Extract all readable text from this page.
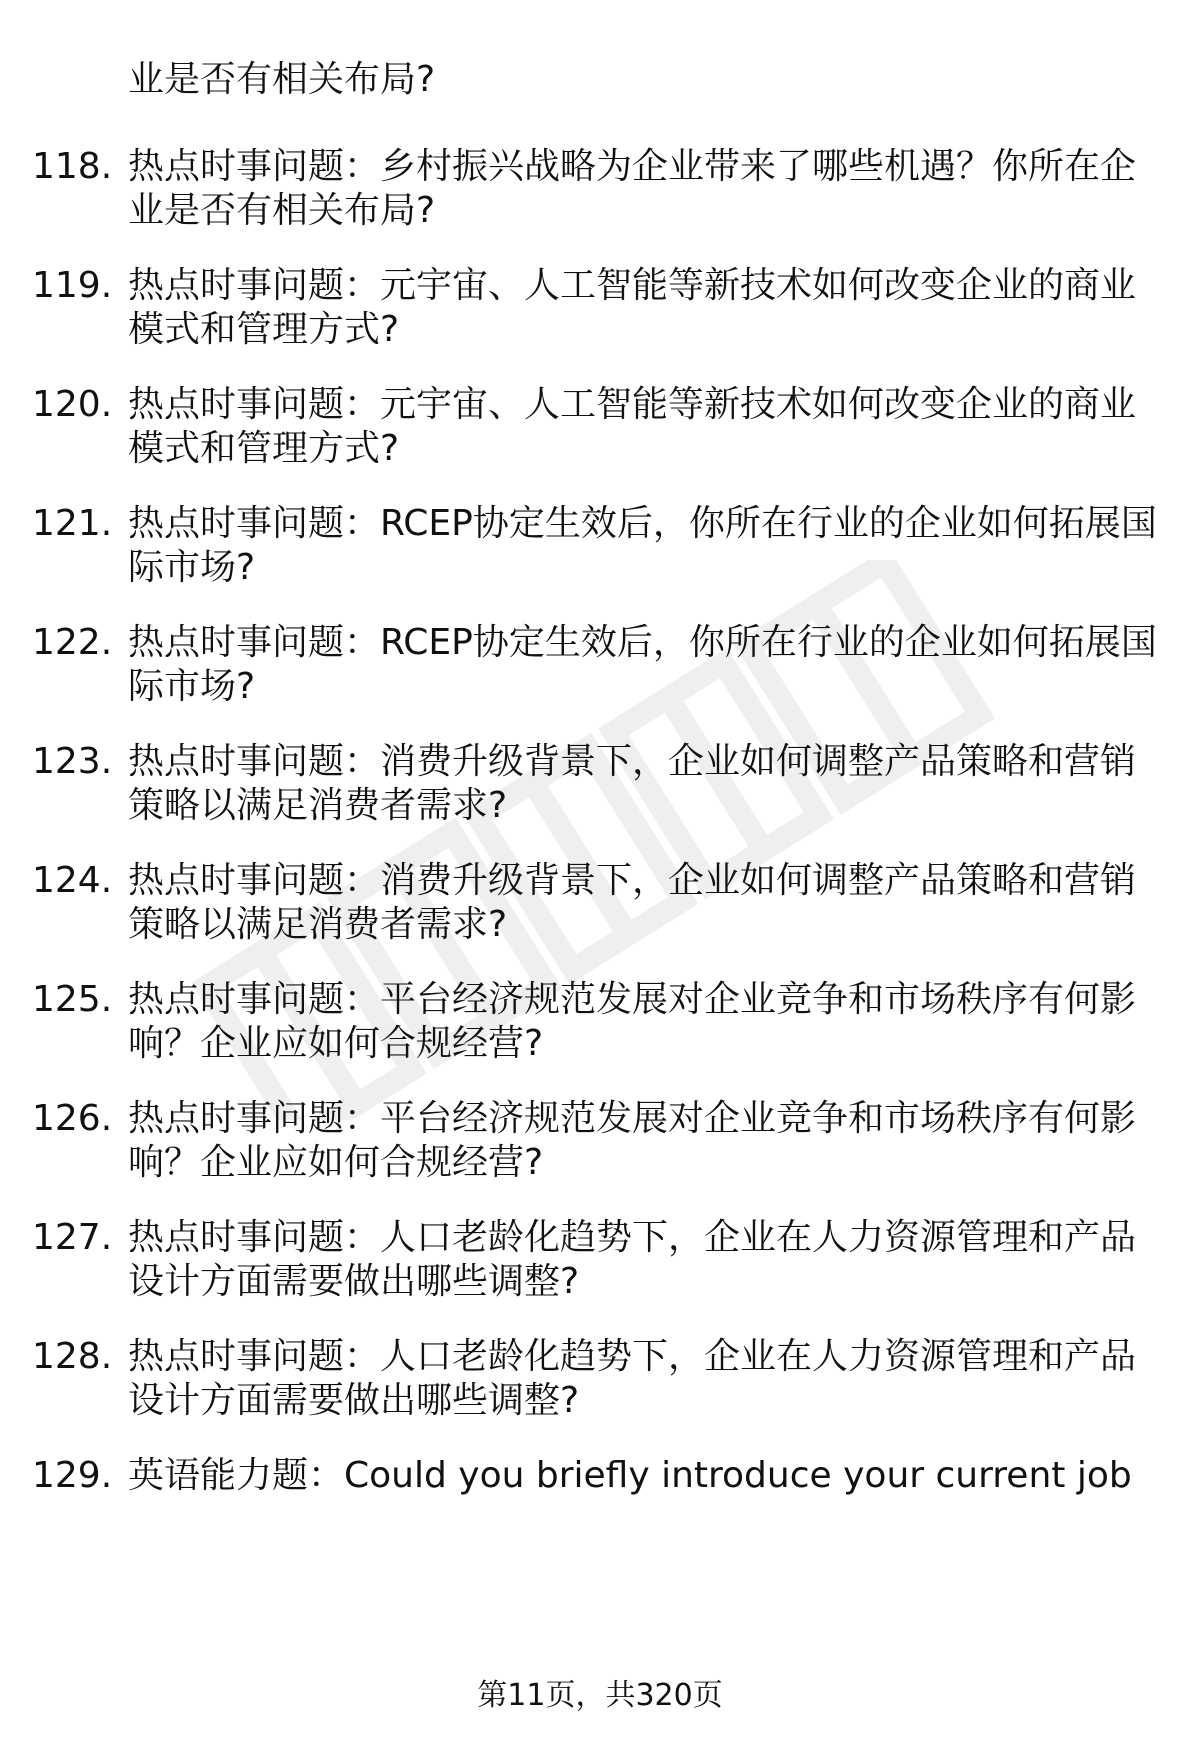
业是否有相关布局?
118. 热点时事问题：乡村振兴战略为企业带来了哪些机遇？你所在企
业是否有相关布局?
119. 热点时事问题：元宇宙、人工智能等新技术如何改变企业的商业
模式和管理方式?
120. 热点时事问题：元宇宙、人工智能等新技术如何改变企业的商业
模式和管理方式?
121. 热点时事问题：RCEP协定生效后，你所在行业的企业如何拓展国
际市场?
122. 热点时事问题：RCEP协定生效后，你所在行业的企业如何拓展国
际市场?
123. 热点时事问题：消费升级背景下，企业如何调整产品策略和营销
策略以满足消费者需求?
124. 热点时事问题：消费升级背景下，企业如何调整产品策略和营销
策略以满足消费者需求?
125. 热点时事问题：平台经济规范发展对企业竞争和市场秩序有何影
响？企业应如何合规经营?
126. 热点时事问题：平台经济规范发展对企业竞争和市场秩序有何影
响？企业应如何合规经营?
127. 热点时事问题：人口老龄化趋势下，企业在人力资源管理和产品
设计方面需要做出哪些调整?
128. 热点时事问题：人口老龄化趋势下，企业在人力资源管理和产品
设计方面需要做出哪些调整?
129. 英语能力题：Could you briefly introduce your current job
第11页，共320页
